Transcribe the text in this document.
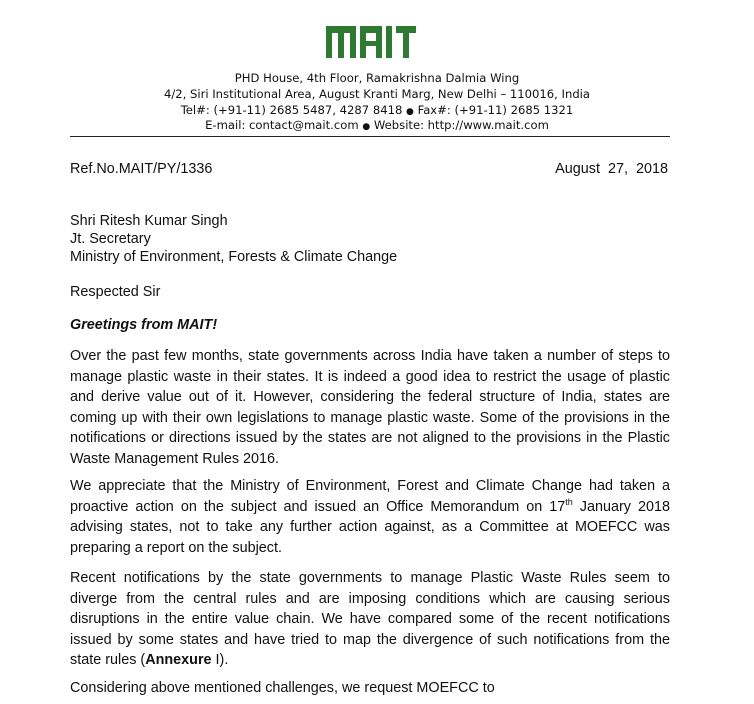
PHD House, 4th Floor, Ramakrishna Dalmia Wing
4/2, Siri Institutional Area, August Kranti Marg, New Delhi – 110016, India
Tel#: (+91-11) 2685 5487, 4287 8418 ● Fax#: (+91-11) 2685 1321
E-mail: contact@mait.com ● Website: http://www.mait.com
Ref.No.MAIT/PY/1336	August  27,  2018
Shri Ritesh Kumar Singh
Jt. Secretary
Ministry of Environment, Forests & Climate Change
Respected Sir
Greetings from MAIT!
Over the past few months, state governments across India have taken a number of steps to manage plastic waste in their states. It is indeed a good idea to restrict the usage of plastic and derive value out of it. However, considering the federal structure of India, states are coming up with their own legislations to manage plastic waste. Some of the provisions in the notifications or directions issued by the states are not aligned to the provisions in the Plastic Waste Management Rules 2016.
We appreciate that the Ministry of Environment, Forest and Climate Change had taken a proactive action on the subject and issued an Office Memorandum on 17th January 2018 advising states, not to take any further action against, as a Committee at MOEFCC was preparing a report on the subject.
Recent notifications by the state governments to manage Plastic Waste Rules seem to diverge from the central rules and are imposing conditions which are causing serious disruptions in the entire value chain. We have compared some of the recent notifications issued by some states and have tried to map the divergence of such notifications from the state rules (Annexure I).
Considering above mentioned challenges, we request MOEFCC to
